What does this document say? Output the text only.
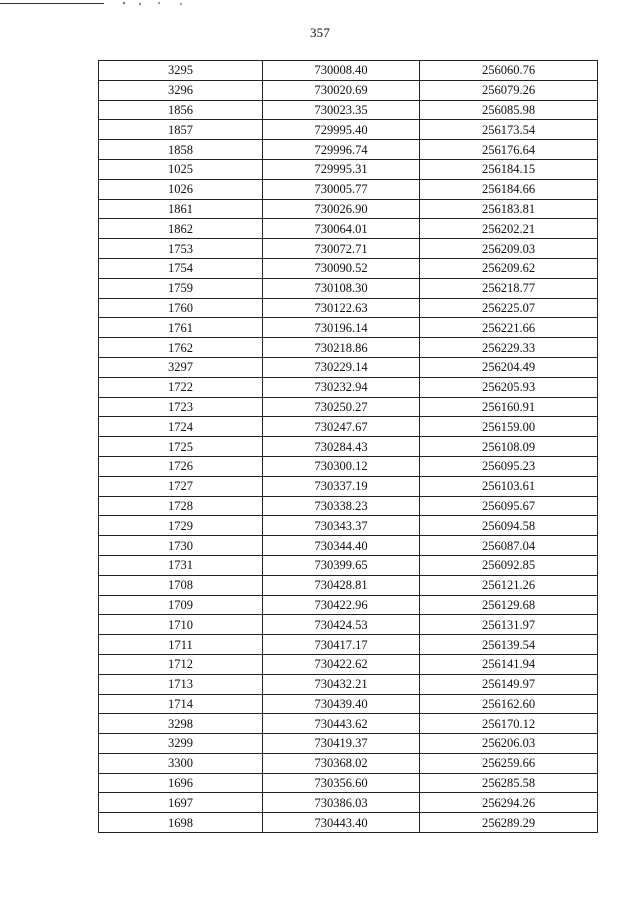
357
3295	730008.40	256060.76
3296	730020.69	256079.26
1856	730023.35	256085.98
1857	729995.40	256173.54
1858	729996.74	256176.64
1025	729995.31	256184.15
1026	730005.77	256184.66
1861	730026.90	256183.81
1862	730064.01	256202.21
1753	730072.71	256209.03
1754	730090.52	256209.62
1759	730108.30	256218.77
1760	730122.63	256225.07
1761	730196.14	256221.66
1762	730218.86	256229.33
3297	730229.14	256204.49
1722	730232.94	256205.93
1723	730250.27	256160.91
1724	730247.67	256159.00
1725	730284.43	256108.09
1726	730300.12	256095.23
1727	730337.19	256103.61
1728	730338.23	256095.67
1729	730343.37	256094.58
1730	730344.40	256087.04
1731	730399.65	256092.85
1708	730428.81	256121.26
1709	730422.96	256129.68
1710	730424.53	256131.97
1711	730417.17	256139.54
1712	730422.62	256141.94
1713	730432.21	256149.97
1714	730439.40	256162.60
3298	730443.62	256170.12
3299	730419.37	256206.03
3300	730368.02	256259.66
1696	730356.60	256285.58
1697	730386.03	256294.26
1698	730443.40	256289.29
